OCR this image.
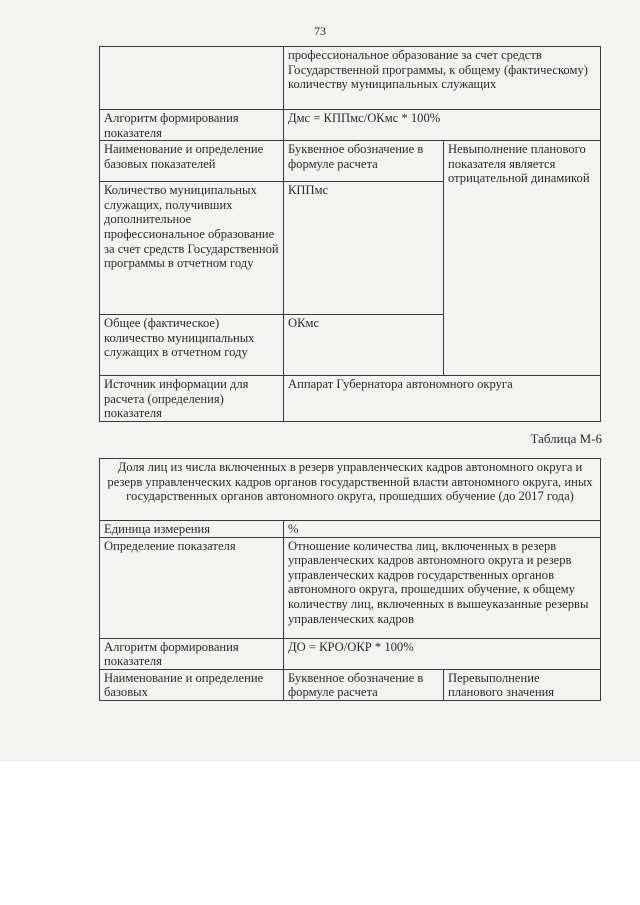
73
	профессиональное образование за счет средств Государственной программы, к общему (фактическому) количеству муниципальных служащих	
Алгоритм формирования показателя	Дмс = КППмс/ОКмс * 100%	
Наименование и определение базовых показателей	Буквенное обозначение в формуле расчета	Невыполнение планового показателя является отрицательной динамикой
Количество муниципальных служащих, получивших дополнительное профессиональное образование за счет средств Государственной программы в отчетном году	КППмс	
Общее (фактическое) количество муниципальных служащих в отчетном году	ОКмс	
Источник информации для расчета (определения) показателя	Аппарат Губернатора автономного округа	
Таблица М-6
Доля лиц из числа включенных в резерв управленческих кадров автономного округа и резерв управленческих кадров органов государственной власти автономного округа, иных государственных органов автономного округа, прошедших обучение (до 2017 года)		
Единица измерения	%	
Определение показателя	Отношение количества лиц, включенных в резерв управленческих кадров автономного округа и резерв управленческих кадров государственных органов автономного округа, прошедших обучение, к общему количеству лиц, включенных в вышеуказанные резервы управленческих кадров	
Алгоритм формирования показателя	ДО = КРО/ОКР * 100%	
Наименование и определение базовых	Буквенное обозначение в формуле расчета	Перевыполнение планового значения
